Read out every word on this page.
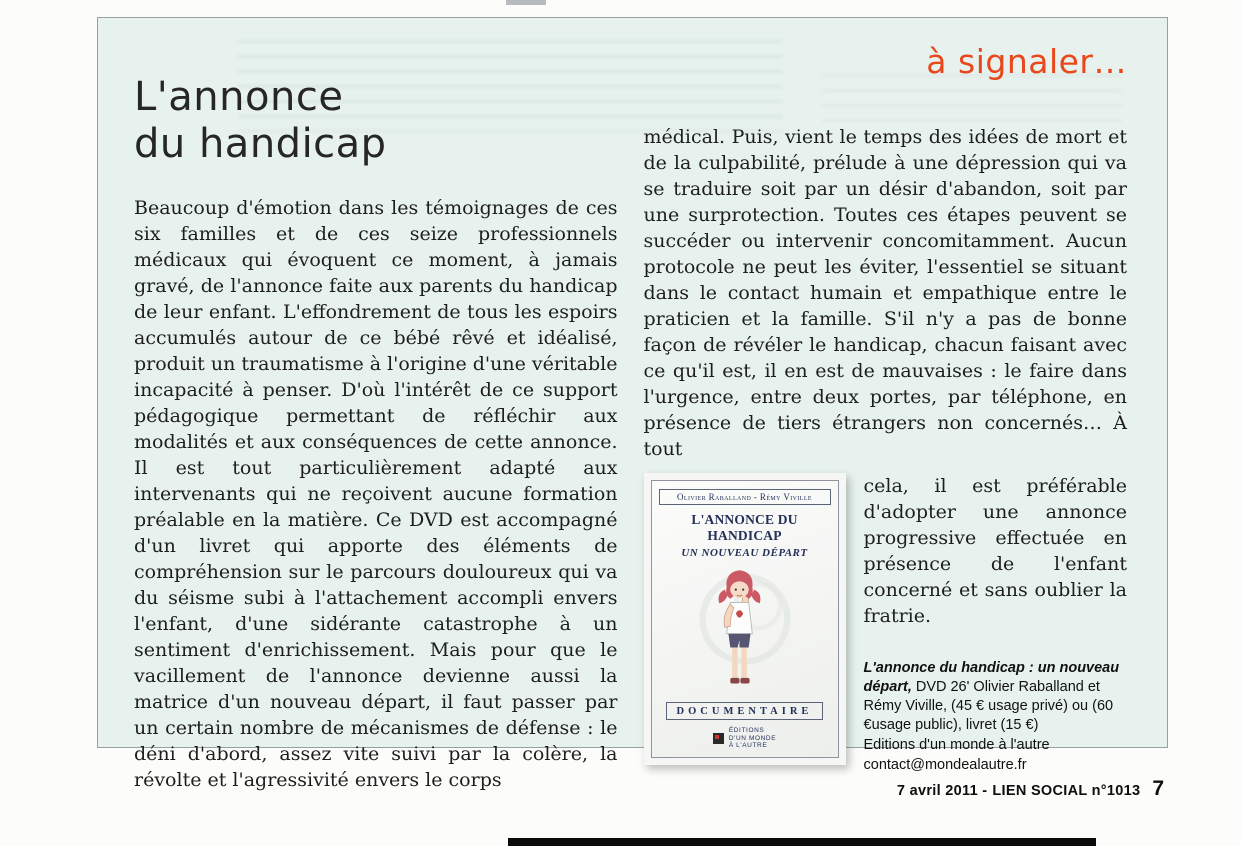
à signaler…
L'annonce
du handicap

Beaucoup d'émotion dans les témoignages de ces six familles et de ces seize professionnels médicaux qui évoquent ce moment, à jamais gravé, de l'annonce faite aux parents du handicap de leur enfant. L'effondrement de tous les espoirs accumulés autour de ce bébé rêvé et idéalisé, produit un traumatisme à l'origine d'une véritable incapacité à penser. D'où l'intérêt de ce support pédagogique permettant de réfléchir aux modalités et aux conséquences de cette annonce. Il est tout particulièrement adapté aux intervenants qui ne reçoivent aucune formation préalable en la matière. Ce DVD est accompagné d'un livret qui apporte des éléments de compréhension sur le parcours douloureux qui va du séisme subi à l'attachement accompli envers l'enfant, d'une sidérante catastrophe à un sentiment d'enrichissement. Mais pour que le vacillement de l'annonce devienne aussi la matrice d'un nouveau départ, il faut passer par un certain nombre de mécanismes de défense : le déni d'abord, assez vite suivi par la colère, la révolte et l'agressivité envers le corps

médical. Puis, vient le temps des idées de mort et de la culpabilité, prélude à une dépression qui va se traduire soit par un désir d'abandon, soit par une surprotection. Toutes ces étapes peuvent se succéder ou intervenir concomitamment. Aucun protocole ne peut les éviter, l'essentiel se situant dans le contact humain et empathique entre le praticien et la famille. S'il n'y a pas de bonne façon de révéler le handicap, chacun faisant avec ce qu'il est, il en est de mauvaises : le faire dans l'urgence, entre deux portes, par téléphone, en présence de tiers étrangers non concernés… À tout

Olivier Raballand - Rémy Viville
L'ANNONCE DU HANDICAP
UN NOUVEAU DÉPART
DOCUMENTAIRE
ÉDITIONS
D'UN MONDE
À L'AUTRE

cela, il est préférable d'adopter une annonce progressive effectuée en présence de l'enfant concerné et sans oublier la fratrie.

L'annonce du handicap : un nouveau départ, DVD 26' Olivier Raballand et Rémy Viville, (45 € usage privé) ou (60 €usage public), livret (15 €)

Editions d'un monde à l'autre
contact@mondealautre.fr
7 avril 2011 - LIEN SOCIAL n°1013 7
